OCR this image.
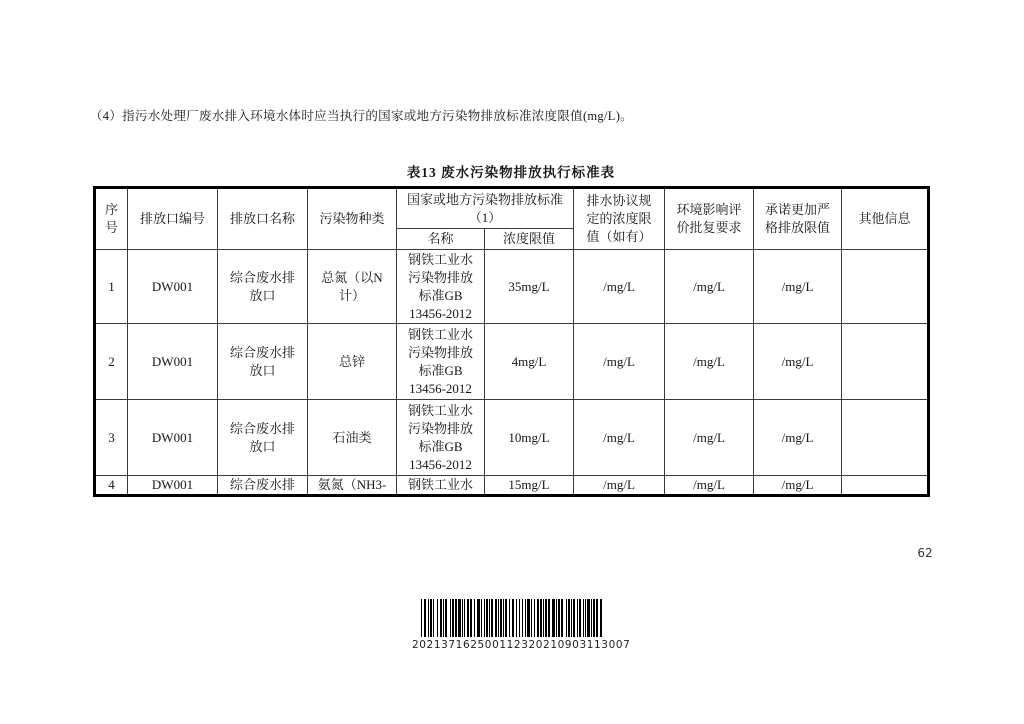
（4）指污水处理厂废水排入环境水体时应当执行的国家或地方污染物排放标准浓度限值(mg/L)。
表13 废水污染物排放执行标准表
序号	排放口编号	排放口名称	污染物种类	国家或地方污染物排放标准（1）		排水协议规定的浓度限值（如有）	环境影响评价批复要求	承诺更加严格排放限值	其他信息
				名称	浓度限值				
1	DW001	综合废水排放口	总氮（以N计）	钢铁工业水污染物排放标准GB 13456-2012	35mg/L	/mg/L	/mg/L	/mg/L	
2	DW001	综合废水排放口	总锌	钢铁工业水污染物排放标准GB 13456-2012	4mg/L	/mg/L	/mg/L	/mg/L	
3	DW001	综合废水排放口	石油类	钢铁工业水污染物排放标准GB 13456-2012	10mg/L	/mg/L	/mg/L	/mg/L	
4	DW001	综合废水排	氨氮（NH3-	钢铁工业水	15mg/L	/mg/L	/mg/L	/mg/L	
62
202137162500112320210903113007
